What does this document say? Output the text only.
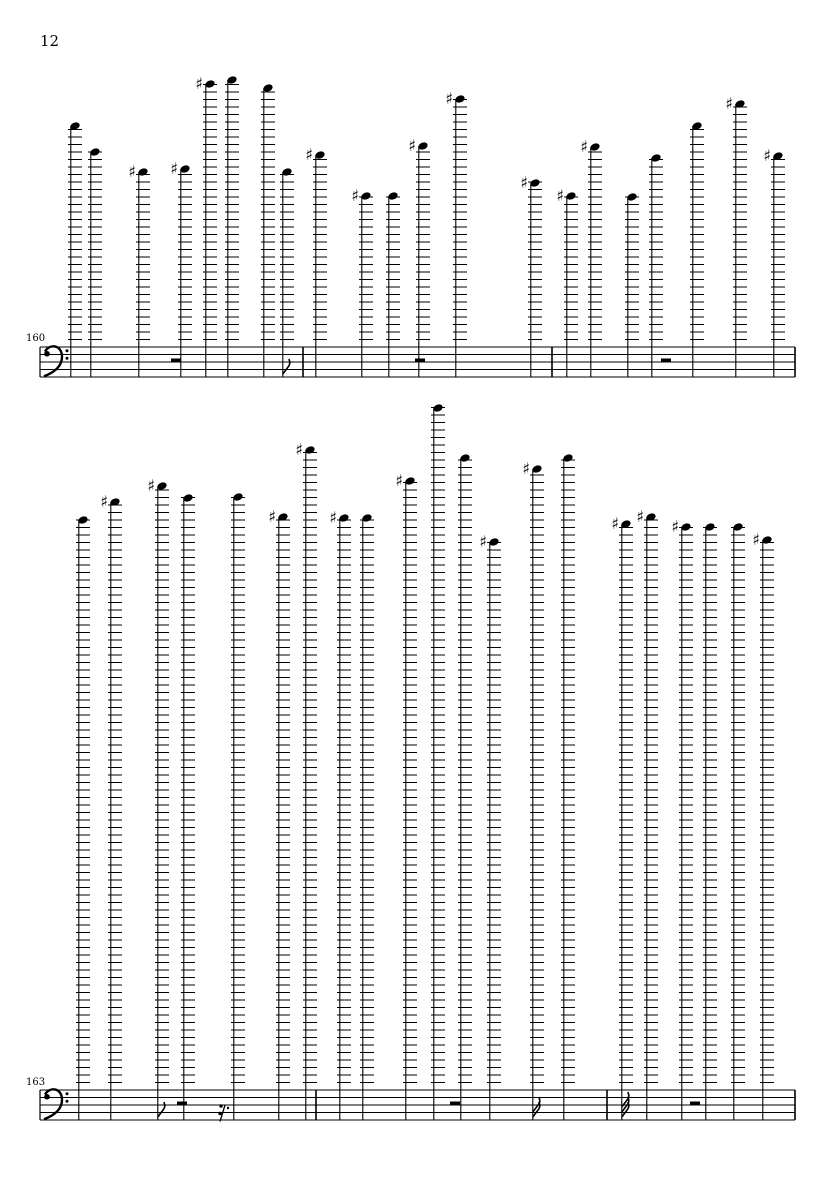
12
160
163
♯ ♯
♯
♯
♯
♯
♯
♯
♯
♯
♯
♯
♯
♯
♯
♯
♯
♯
♯
♯
♯ ♯
♯
♯
